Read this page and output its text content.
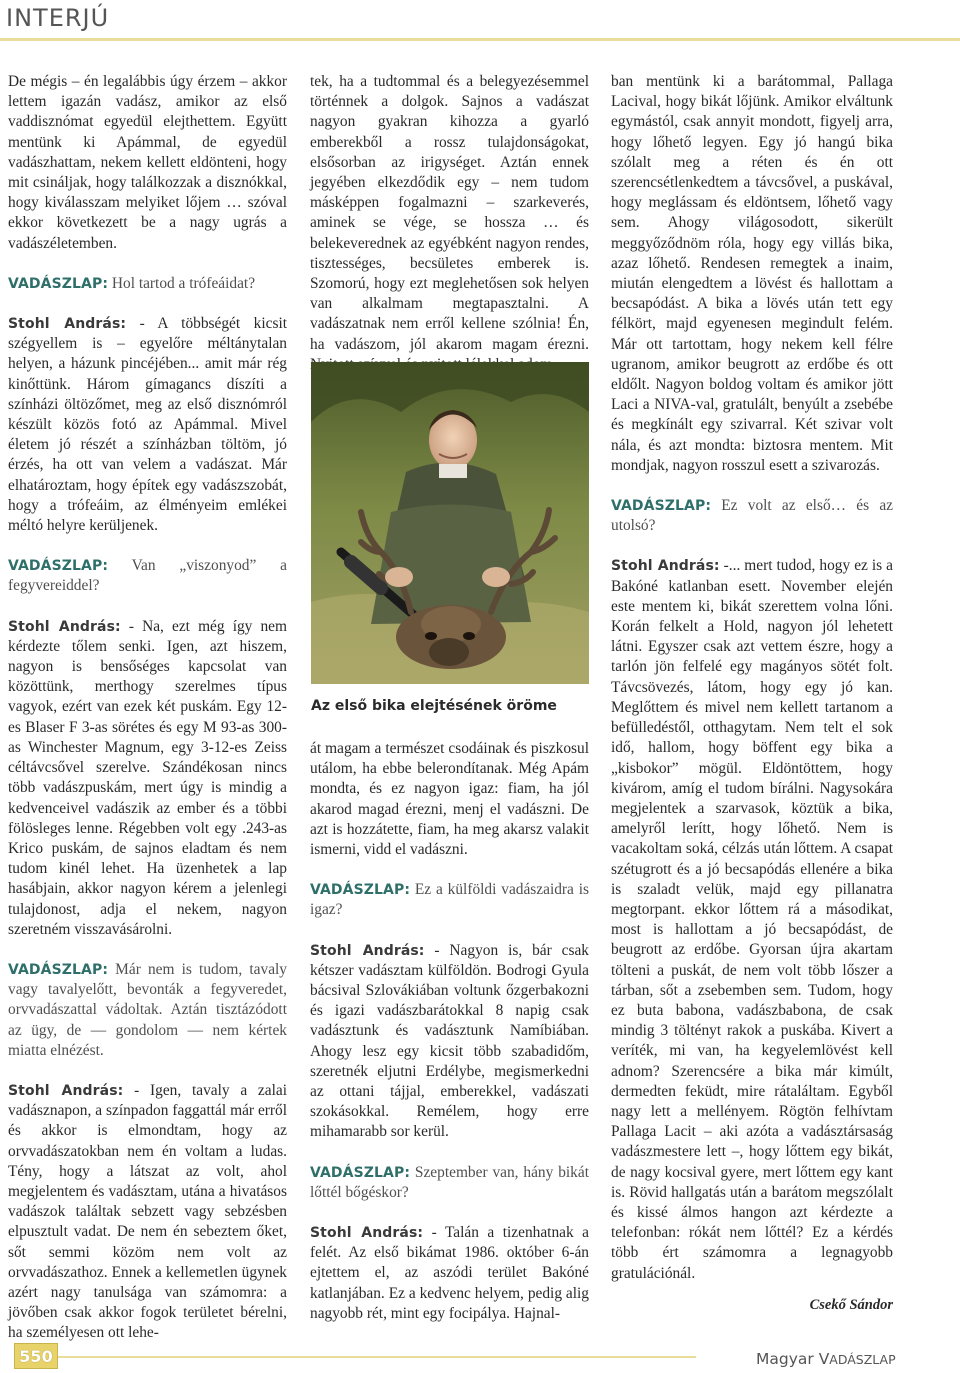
INTERJÚ

De mégis – én legalábbis úgy érzem – akkor lettem igazán vadász, amikor az első vaddisznómat egyedül elejthettem. Együtt mentünk ki Apámmal, de egyedül vadászhattam, nekem kellett eldönteni, hogy mit csináljak, hogy találkozzak a disznókkal, hogy kiválasszam melyiket lőjem … szóval ekkor következett be a nagy ugrás a vadászéletemben.

VADÁSZLAP: Hol tartod a trófeáidat?

Stohl András: - A többségét kicsit szégyellem is – egyelőre méltánytalan helyen, a házunk pincéjében... amit már rég kinőttünk. Három gímagancs díszíti a színházi öltözőmet, meg az első disznómról készült közös fotó az Apámmal. Mivel életem jó részét a színházban töltöm, jó érzés, ha ott van velem a vadászat. Már elhatároztam, hogy építek egy vadászszobát, hogy a trófeáim, az élményeim emlékei méltó helyre kerüljenek.

VADÁSZLAP: Van „viszonyod” a fegyvereiddel?

Stohl András: - Na, ezt még így nem kérdezte tőlem senki. Igen, azt hiszem, nagyon is bensőséges kapcsolat van közöttünk, merthogy szerelmes típus vagyok, ezért van ezek két puskám. Egy 12-es Blaser F 3-as sörétes és egy M 93-as 300-as Winchester Magnum, egy 3-12-es Zeiss céltávcsővel szerelve. Szándékosan nincs több vadászpuskám, mert úgy is mindig a kedvenceivel vadászik az ember és a többi fölösleges lenne. Régebben volt egy .243-as Krico puskám, de sajnos eladtam és nem tudom kinél lehet. Ha üzenhetek a lap hasábjain, akkor nagyon kérem a jelenlegi tulajdonost, adja el nekem, nagyon szeretném visszavásárolni.

VADÁSZLAP: Már nem is tudom, tavaly vagy tavalyelőtt, bevonták a fegyveredet, orvvadászattal vádoltak. Aztán tisztázódott az ügy, de — gondolom — nem kértek miatta elnézést.

Stohl András: - Igen, tavaly a zalai vadásznapon, a színpadon faggattál már erről és akkor is elmondtam, hogy az orvvadászatokban nem én voltam a ludas. Tény, hogy a látszat az volt, ahol megjelentem és vadásztam, utána a hivatásos vadászok találtak sebzett vagy sebzésben elpusztult vadat. De nem én sebeztem őket, sőt semmi közöm nem volt az orvvadászathoz. Ennek a kellemetlen ügynek azért nagy tanulsága van számomra: a jövőben csak akkor fogok területet bérelni, ha személyesen ott lehe-

tek, ha a tudtommal és a belegyezésemmel történnek a dolgok. Sajnos a vadászat nagyon gyakran kihozza a gyarló emberekből a rossz tulajdonságokat, elsősorban az irigységet. Aztán ennek jegyében elkezdődik egy – nem tudom másképpen fogalmazni – szarkeverés, aminek se vége, se hossza … és belekeverednek az egyébként nagyon rendes, tisztességes, becsületes emberek is. Szomorú, hogy ezt meglehetősen sok helyen van alkalmam megtapasztalni. A vadászatnak nem erről kellene szólnia! Én, ha vadászom, jól akarom magam érezni.

Az első bika elejtésének öröme

át magam a természet csodáinak és piszkosul utálom, ha ebbe belerondítanak. Még Apám mondta, és ez nagyon igaz: fiam, ha jól akarod magad érezni, menj el vadászni. De azt is hozzátette, fiam, ha meg akarsz valakit ismerni, vidd el vadászni.

VADÁSZLAP: Ez a külföldi vadászaidra is igaz?

Stohl András: - Nagyon is, bár csak kétszer vadásztam külföldön. Bodrogi Gyula bácsival Szlovákiában voltunk őzgerbakozni és igazi vadászbarátokkal 8 napig csak vadásztunk és vadásztunk Namíbiában. Ahogy lesz egy kicsit több szabadidőm, szeretnék eljutni Erdélybe, megismerkedni az ottani tájjal, emberekkel, vadászati szokásokkal. Remélem, hogy erre mihamarabb sor kerül.

VADÁSZLAP: Szeptember van, hány bikát lőttél bőgéskor?

Stohl András: - Talán a tizenhatnak a felét. Az első bikámat 1986. október 6-án ejtettem el, az aszódi terület Bakóné katlanjában. Ez a kedvenc helyem, pedig alig nagyobb rét, mint egy focipálya. Hajnal-

ban mentünk ki a barátommal, Pallaga Lacival, hogy bikát lőjünk. Amikor elváltunk egymástól, csak annyit mondott, figyelj arra, hogy lőhető legyen. Egy jó hangú bika szólalt meg a réten és én ott szerencsétlenkedtem a távcsővel, a puskával, hogy meglássam és eldöntsem, lőhető vagy sem. Ahogy világosodott, sikerült meggyőződnöm róla, hogy egy villás bika, azaz lőhető. Rendesen remegtek a inaim, miután elengedtem a lövést és hallottam a becsapódást. A bika a lövés után tett egy félkört, majd egyenesen megindult felém. Már ott tartottam, hogy nekem kell félre ugranom, amikor beugrott az erdőbe és ott eldőlt. Nagyon boldog voltam és amikor jött Laci a NIVA-val, gratulált, benyúlt a zsebébe és megkínált egy szivarral. Két szivar volt nála, és azt mondta: biztosra mentem. Mit mondjak, nagyon rosszul esett a szivarozás.

VADÁSZLAP: Ez volt az első… és az utolsó?

Stohl András: -... mert tudod, hogy ez is a Bakóné katlanban esett. November elején este mentem ki, bikát szerettem volna lőni. Korán felkelt a Hold, nagyon jól lehetett látni. Egyszer csak azt vettem észre, hogy a tarlón jön felfelé egy magányos sötét folt. Távcsövezés, látom, hogy egy jó kan. Meglőttem és mivel nem kellett tartanom a befülledéstől, otthagytam. Nem telt el sok idő, hallom, hogy böffent egy bika a „kisbokor” mögül. Eldöntöttem, hogy kivárom, amíg el tudom bírálni. Nagysokára megjelentek a szarvasok, köztük a bika, amelyről lerítt, hogy lőhető. Nem is vacakoltam soká, célzás után lőttem. A csapat szétugrott és a jó becsapódás ellenére a bika is szaladt velük, majd egy pillanatra megtorpant. ekkor lőttem rá a másodikat, most is hallottam a jó becsapódást, de beugrott az erdőbe. Gyorsan újra akartam tölteni a puskát, de nem volt több lőszer a tárban, sőt a zsebemben sem. Tudom, hogy ez buta babona, vadászbabona, de csak mindig 3 töltényt rakok a puskába. Kivert a veríték, mi van, ha kegyelemlövést kell adnom? Szerencsére a bika már kimúlt, dermedten feküdt, mire rátaláltam. Egyből nagy lett a mellényem. Rögtön felhívtam Pallaga Lacit – aki azóta a vadásztársaság vadászmestere lett –, hogy lőttem egy bikát, de nagy kocsival gyere, mert lőttem egy kant is. Rövid hallgatás után a barátom megszólalt és kissé álmos hangon azt kérdezte a telefonban: rókát nem lőttél? Ez a kérdés több ért számomra a legnagyobb gratulációnál.

Csekő Sándor
550	Magyar VADÁSZLAP
